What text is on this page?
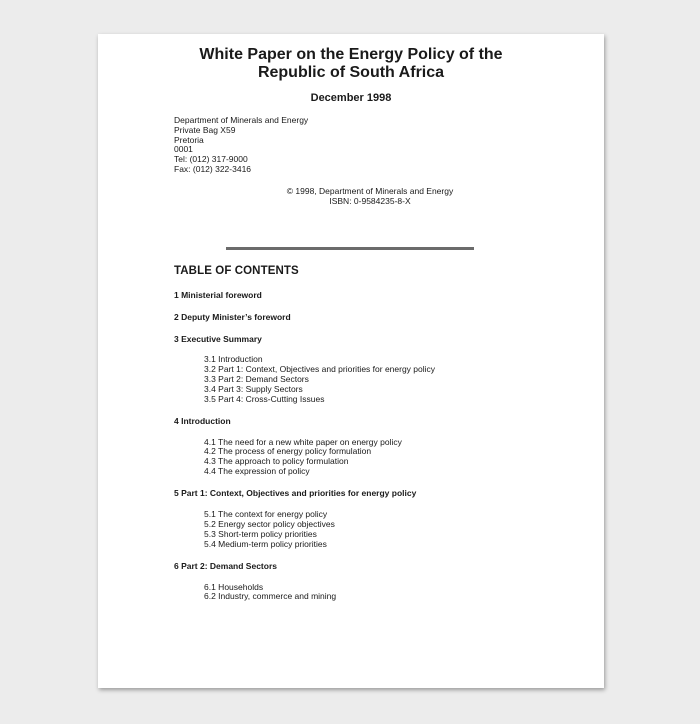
White Paper on the Energy Policy of the
Republic of South Africa
December 1998
Department of Minerals and Energy
Private Bag X59
Pretoria
0001
Tel: (012) 317-9000
Fax: (012) 322-3416
© 1998, Department of Minerals and Energy
ISBN: 0-9584235-8-X
TABLE OF CONTENTS
1 Ministerial foreword
2 Deputy Minister’s foreword
3 Executive Summary
3.1 Introduction
3.2 Part 1: Context, Objectives and priorities for energy policy
3.3 Part 2: Demand Sectors
3.4 Part 3: Supply Sectors
3.5 Part 4: Cross-Cutting Issues
4 Introduction
4.1 The need for a new white paper on energy policy
4.2 The process of energy policy formulation
4.3 The approach to policy formulation
4.4 The expression of policy
5 Part 1: Context, Objectives and priorities for energy policy
5.1 The context for energy policy
5.2 Energy sector policy objectives
5.3 Short-term policy priorities
5.4 Medium-term policy priorities
6 Part 2: Demand Sectors
6.1 Households
6.2 Industry, commerce and mining
